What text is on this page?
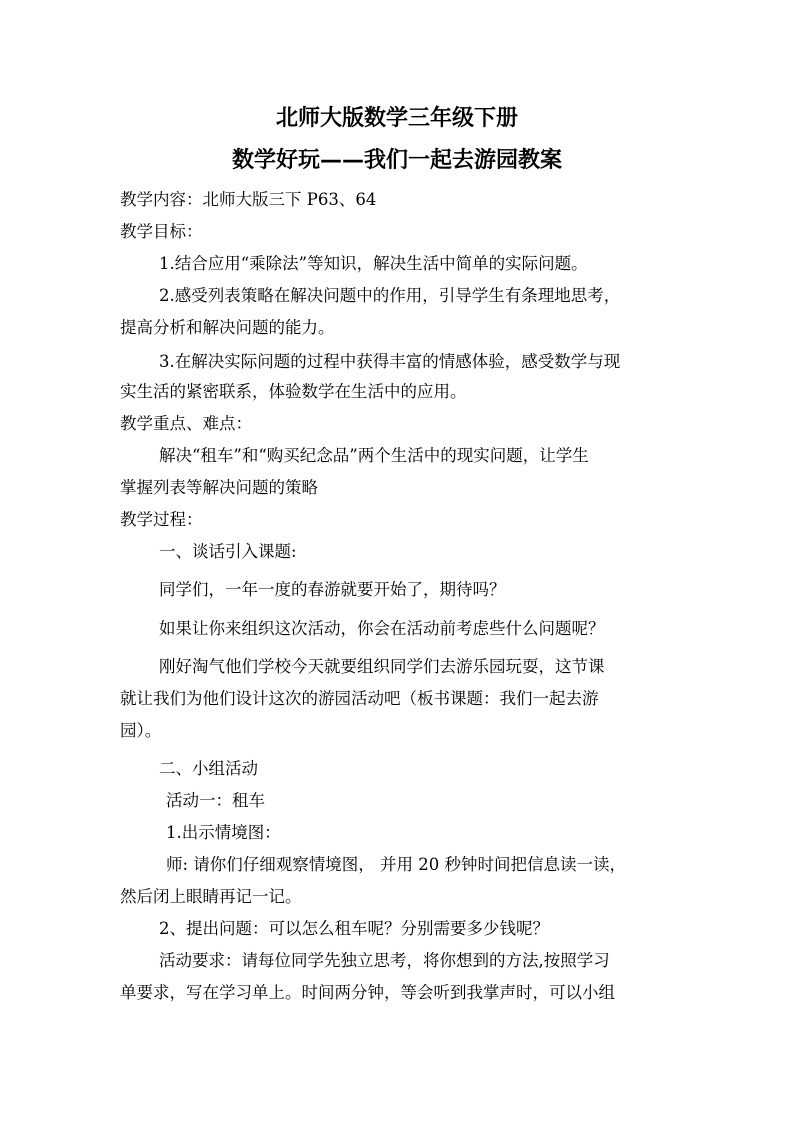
北师大版数学三年级下册
数学好玩——我们一起去游园教案
教学内容：北师大版三下 P63、64
教学目标：
1.结合应用“乘除法”等知识，解决生活中简单的实际问题。
2.感受列表策略在解决问题中的作用，引导学生有条理地思考，
提高分析和解决问题的能力。
3.在解决实际问题的过程中获得丰富的情感体验，感受数学与现
实生活的紧密联系，体验数学在生活中的应用。
教学重点、难点：
解决“租车”和“购买纪念品”两个生活中的现实问题，让学生
掌握列表等解决问题的策略
教学过程：
一、谈话引入课题:
同学们，一年一度的春游就要开始了，期待吗？
如果让你来组织这次活动，你会在活动前考虑些什么问题呢？
刚好淘气他们学校今天就要组织同学们去游乐园玩耍，这节课
就让我们为他们设计这次的游园活动吧（板书课题：我们一起去游
园）。
二、小组活动
活动一：租车
1.出示情境图：
师: 请你们仔细观察情境图， 并用 20 秒钟时间把信息读一读，
然后闭上眼睛再记一记。
2、提出问题：可以怎么租车呢？分别需要多少钱呢？
活动要求：请每位同学先独立思考，将你想到的方法,按照学习
单要求，写在学习单上。时间两分钟，等会听到我掌声时，可以小组
